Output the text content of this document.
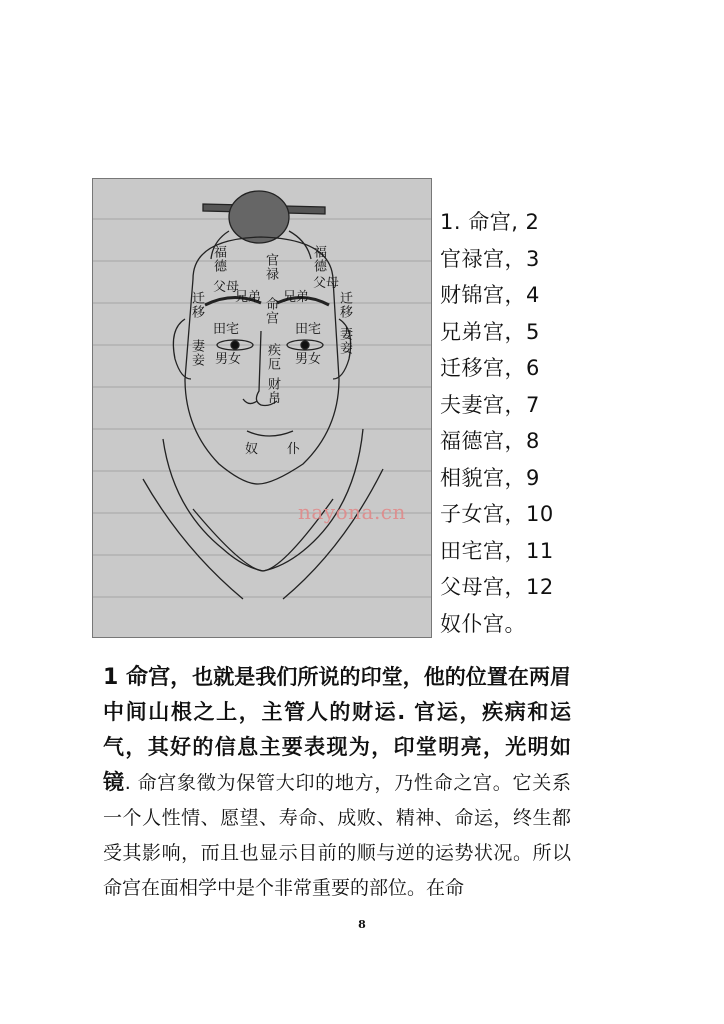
福德	福德
官禄
父母	父母
兄弟 兄弟
迁移	迁移
命宫
田宅	田宅
妻妾	妻妾
男女	男女
疾厄
财帛
奴 仆
nayona.cn
1. 命宫, 2 官禄宫，3 财锦宫，4 兄弟宫，5 迁移宫，6 夫妻宫，7 福德宫，8 相貌宫，9 子女宫，10 田宅宫，11 父母宫，12 奴仆宫。

1 命宫，也就是我们所说的印堂，他的位置在两眉中间山根之上，主管人的财运. 官运，疾病和运气，其好的信息主要表现为，印堂明亮，光明如镜. 命宫象徵为保管大印的地方，乃性命之宫。它关系一个人性情、愿望、寿命、成败、精神、命运，终生都受其影响，而且也显示目前的顺与逆的运势状况。所以命宫在面相学中是个非常重要的部位。在命

8
